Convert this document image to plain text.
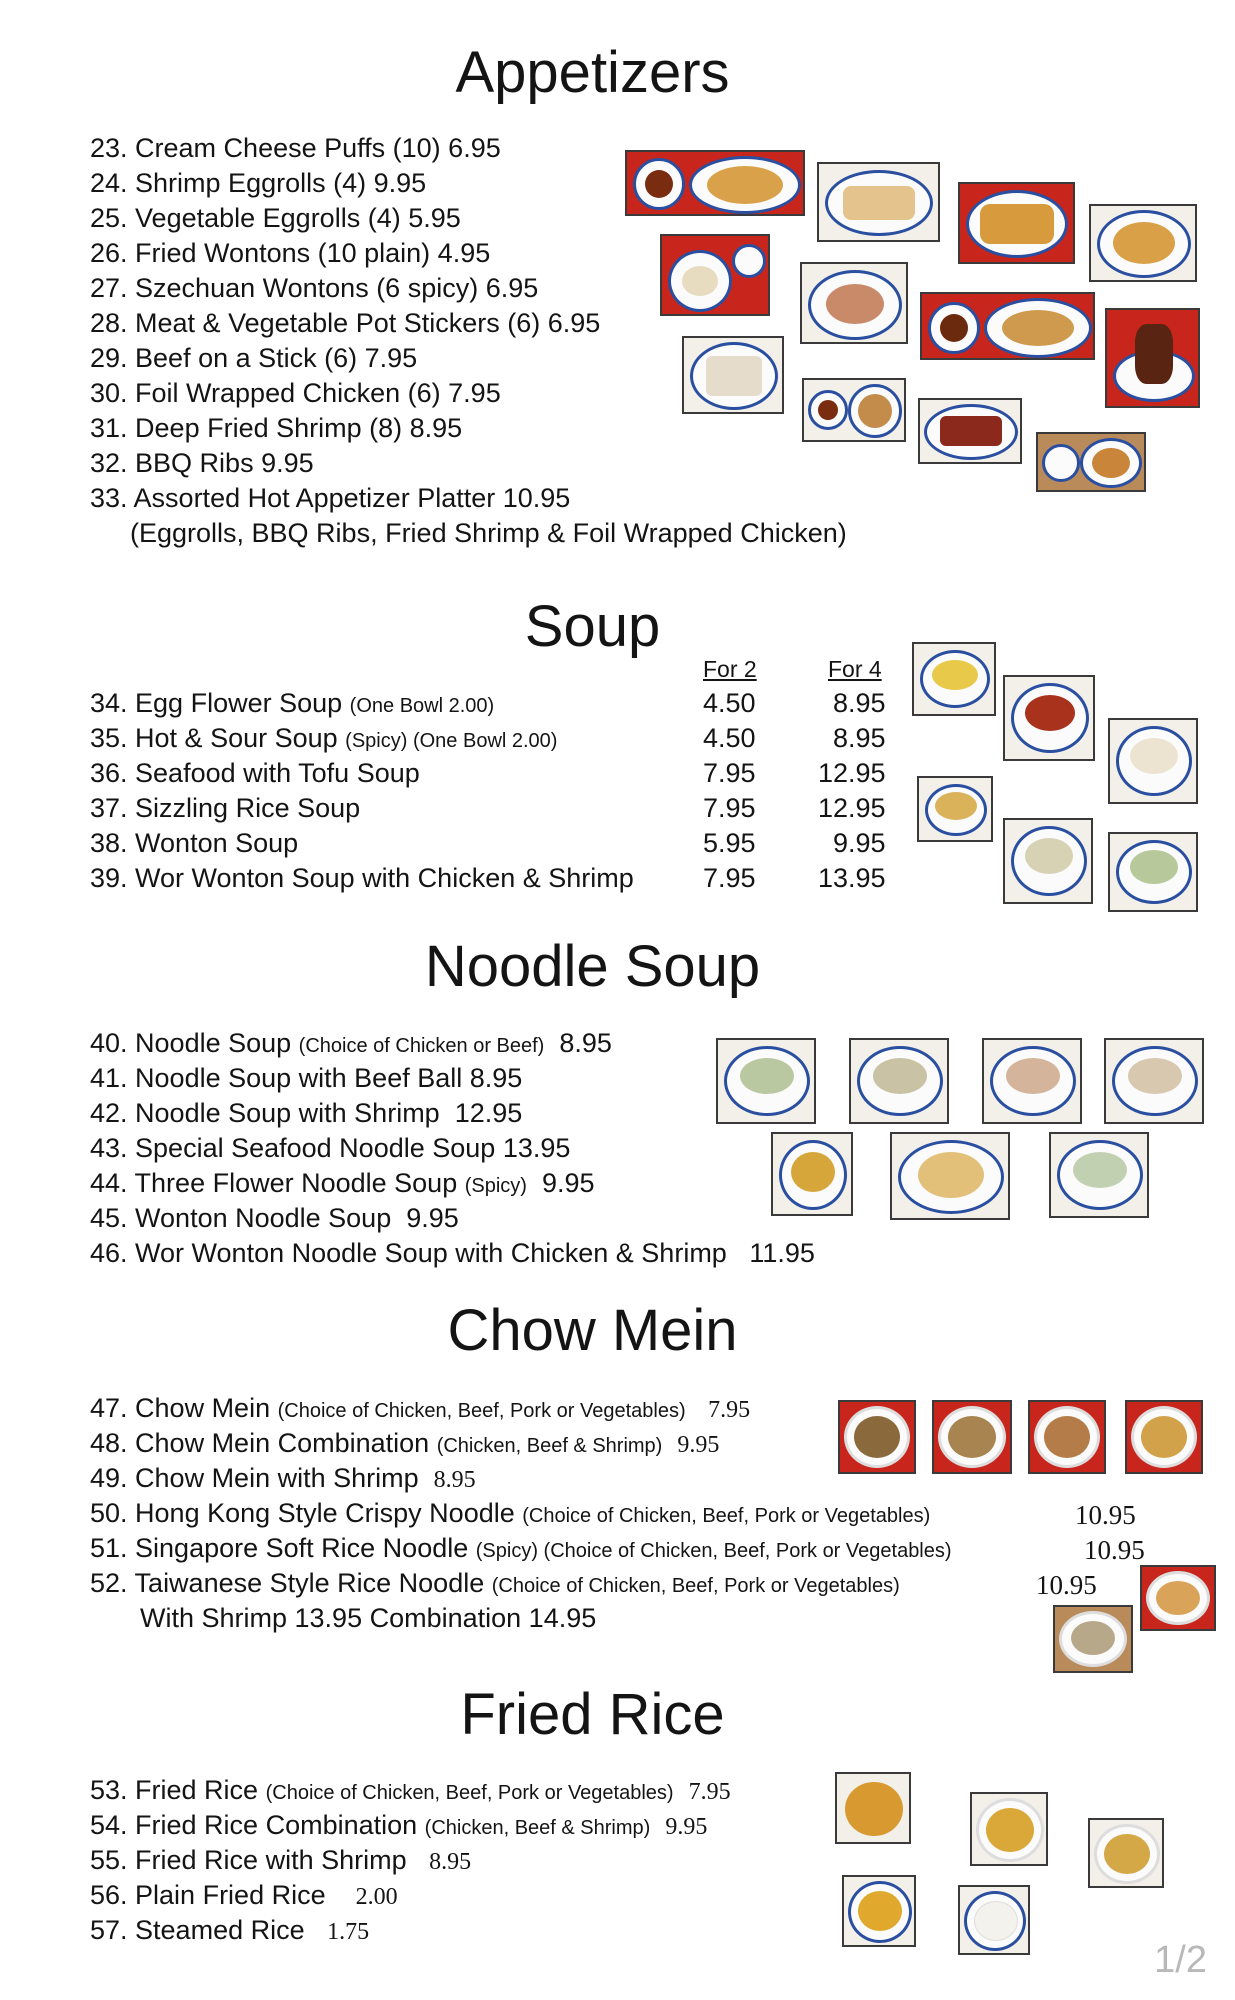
Appetizers
23. Cream Cheese Puffs (10) 6.95
24. Shrimp Eggrolls (4) 9.95
25. Vegetable Eggrolls (4) 5.95
26. Fried Wontons (10 plain) 4.95
27. Szechuan Wontons (6 spicy) 6.95
28. Meat & Vegetable Pot Stickers (6) 6.95
29. Beef on a Stick (6) 7.95
30. Foil Wrapped Chicken (6) 7.95
31. Deep Fried Shrimp (8) 8.95
32. BBQ Ribs 9.95
33. Assorted Hot Appetizer Platter 10.95
(Eggrolls, BBQ Ribs, Fried Shrimp & Foil Wrapped Chicken)
Soup
For 2	For 4
34. Egg Flower Soup (One Bowl 2.00)	4.50	8.95
35. Hot & Sour Soup (Spicy) (One Bowl 2.00)	4.50	8.95
36. Seafood with Tofu Soup	7.95 12.95
37. Sizzling Rice Soup	7.95 12.95
38. Wonton Soup	5.95	9.95
39. Wor Wonton Soup with Chicken & Shrimp	7.95 13.95
Noodle Soup
40. Noodle Soup (Choice of Chicken or Beef) 8.95
41. Noodle Soup with Beef Ball 8.95
42. Noodle Soup with Shrimp 12.95
43. Special Seafood Noodle Soup 13.95
44. Three Flower Noodle Soup (Spicy) 9.95
45. Wonton Noodle Soup 9.95
46. Wor Wonton Noodle Soup with Chicken & Shrimp 11.95
Chow Mein
47. Chow Mein (Choice of Chicken, Beef, Pork or Vegetables) 7.95
48. Chow Mein Combination (Chicken, Beef & Shrimp) 9.95
49. Chow Mein with Shrimp 8.95
50. Hong Kong Style Crispy Noodle (Choice of Chicken, Beef, Pork or Vegetables)	10.95
51. Singapore Soft Rice Noodle (Spicy) (Choice of Chicken, Beef, Pork or Vegetables)	10.95
52. Taiwanese Style Rice Noodle (Choice of Chicken, Beef, Pork or Vegetables)	10.95
With Shrimp 13.95 Combination 14.95
Fried Rice
53. Fried Rice (Choice of Chicken, Beef, Pork or Vegetables) 7.95
54. Fried Rice Combination (Chicken, Beef & Shrimp) 9.95
55. Fried Rice with Shrimp 8.95
56. Plain Fried Rice 2.00
57. Steamed Rice 1.75
1/2
